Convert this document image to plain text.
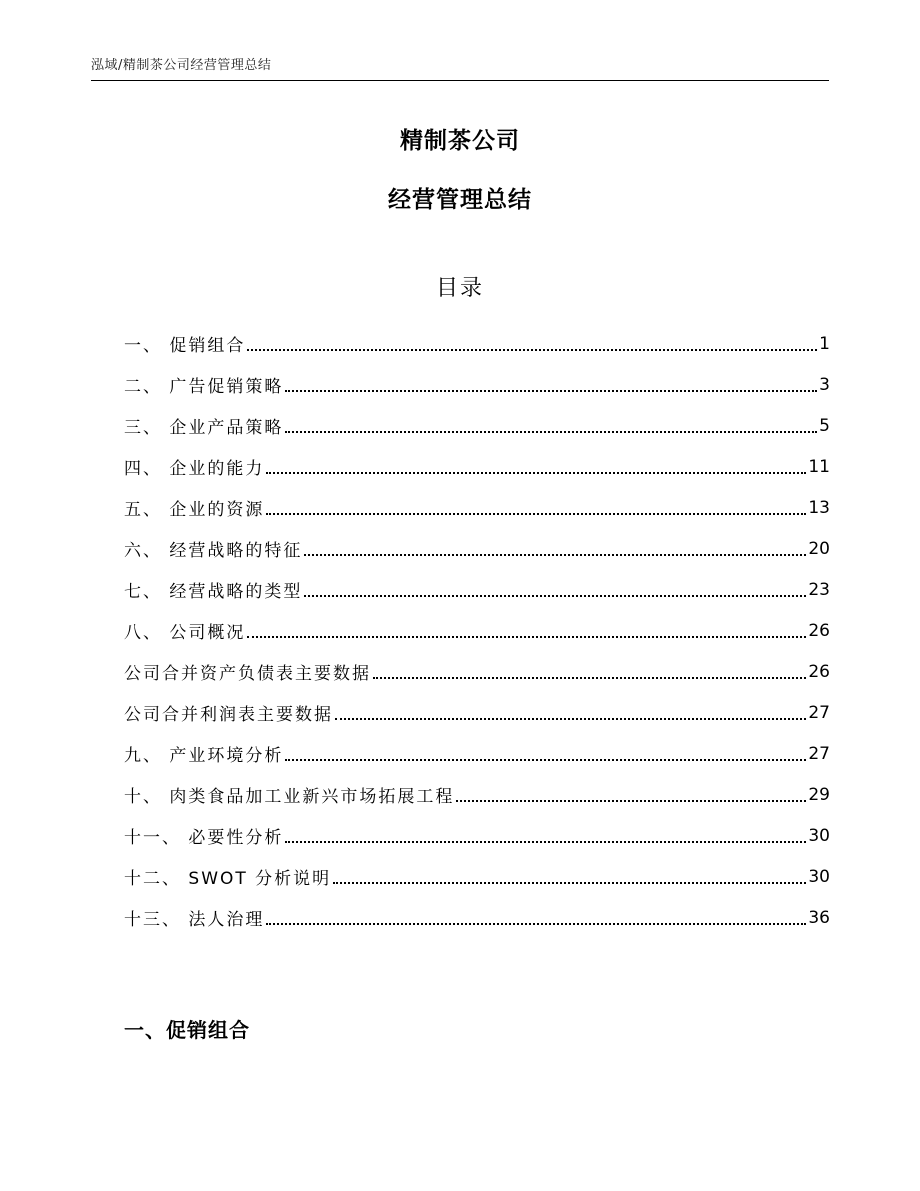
泓域/精制茶公司经营管理总结
精制茶公司
经营管理总结
目录
一、 促销组合	1
二、 广告促销策略	3
三、 企业产品策略	5
四、 企业的能力	11
五、 企业的资源	13
六、 经营战略的特征	20
七、 经营战略的类型	23
八、 公司概况	26
公司合并资产负债表主要数据	26
公司合并利润表主要数据	27
九、 产业环境分析	27
十、 肉类食品加工业新兴市场拓展工程	29
十一、 必要性分析	30
十二、 SWOT 分析说明	30
十三、 法人治理	36
一、促销组合
